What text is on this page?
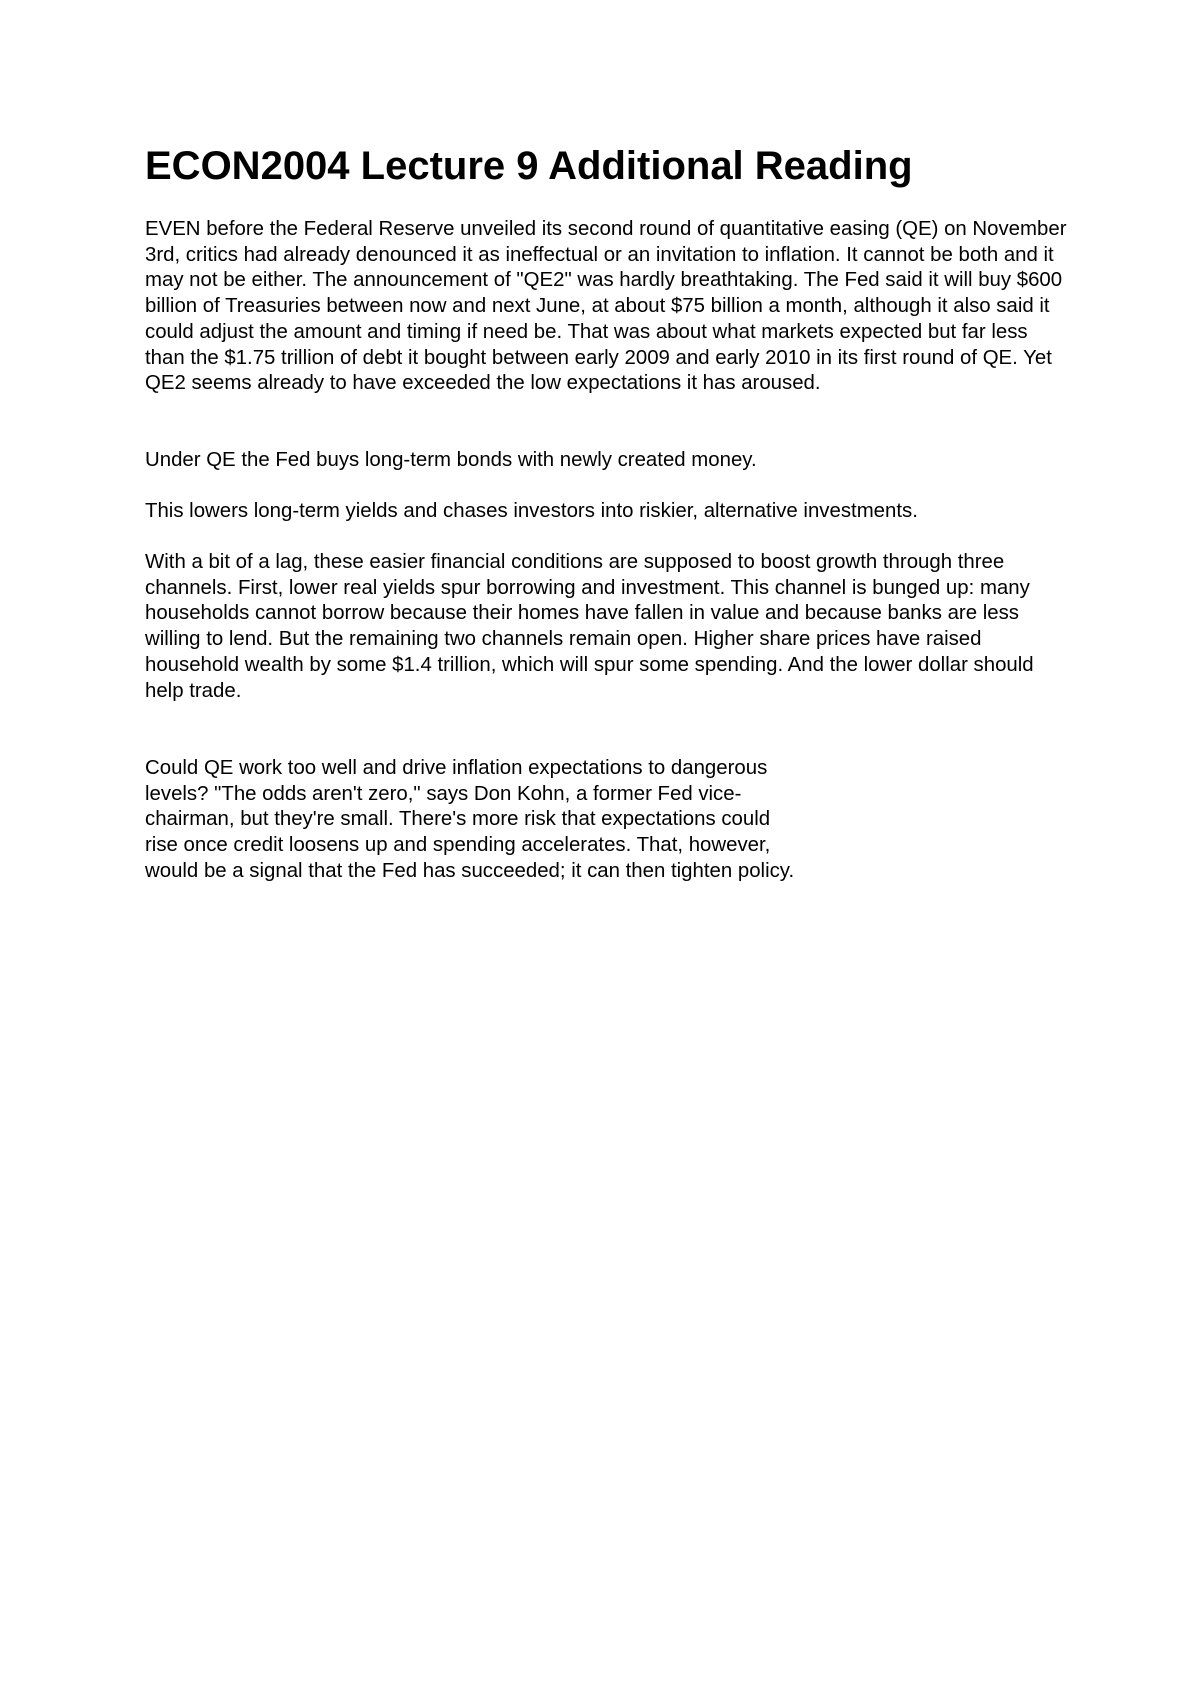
ECON2004 Lecture 9 Additional Reading

EVEN before the Federal Reserve unveiled its second round of quantitative easing (QE) on November 3rd, critics had already denounced it as ineffectual or an invitation to inflation. It cannot be both and it may not be either. The announcement of "QE2" was hardly breathtaking. The Fed said it will buy $600 billion of Treasuries between now and next June, at about $75 billion a month, although it also said it could adjust the amount and timing if need be. That was about what markets expected but far less than the $1.75 trillion of debt it bought between early 2009 and early 2010 in its first round of QE. Yet QE2 seems already to have exceeded the low expectations it has aroused.

Under QE the Fed buys long-term bonds with newly created money.

This lowers long-term yields and chases investors into riskier, alternative investments.

With a bit of a lag, these easier financial conditions are supposed to boost growth through three channels. First, lower real yields spur borrowing and investment. This channel is bunged up: many households cannot borrow because their homes have fallen in value and because banks are less willing to lend. But the remaining two channels remain open. Higher share prices have raised household wealth by some $1.4 trillion, which will spur some spending. And the lower dollar should help trade.

Could QE work too well and drive inflation expectations to dangerous levels? "The odds aren't zero," says Don Kohn, a former Fed vice-chairman, but they're small. There's more risk that expectations could rise once credit loosens up and spending accelerates. That, however, would be a signal that the Fed has succeeded; it can then tighten policy.
